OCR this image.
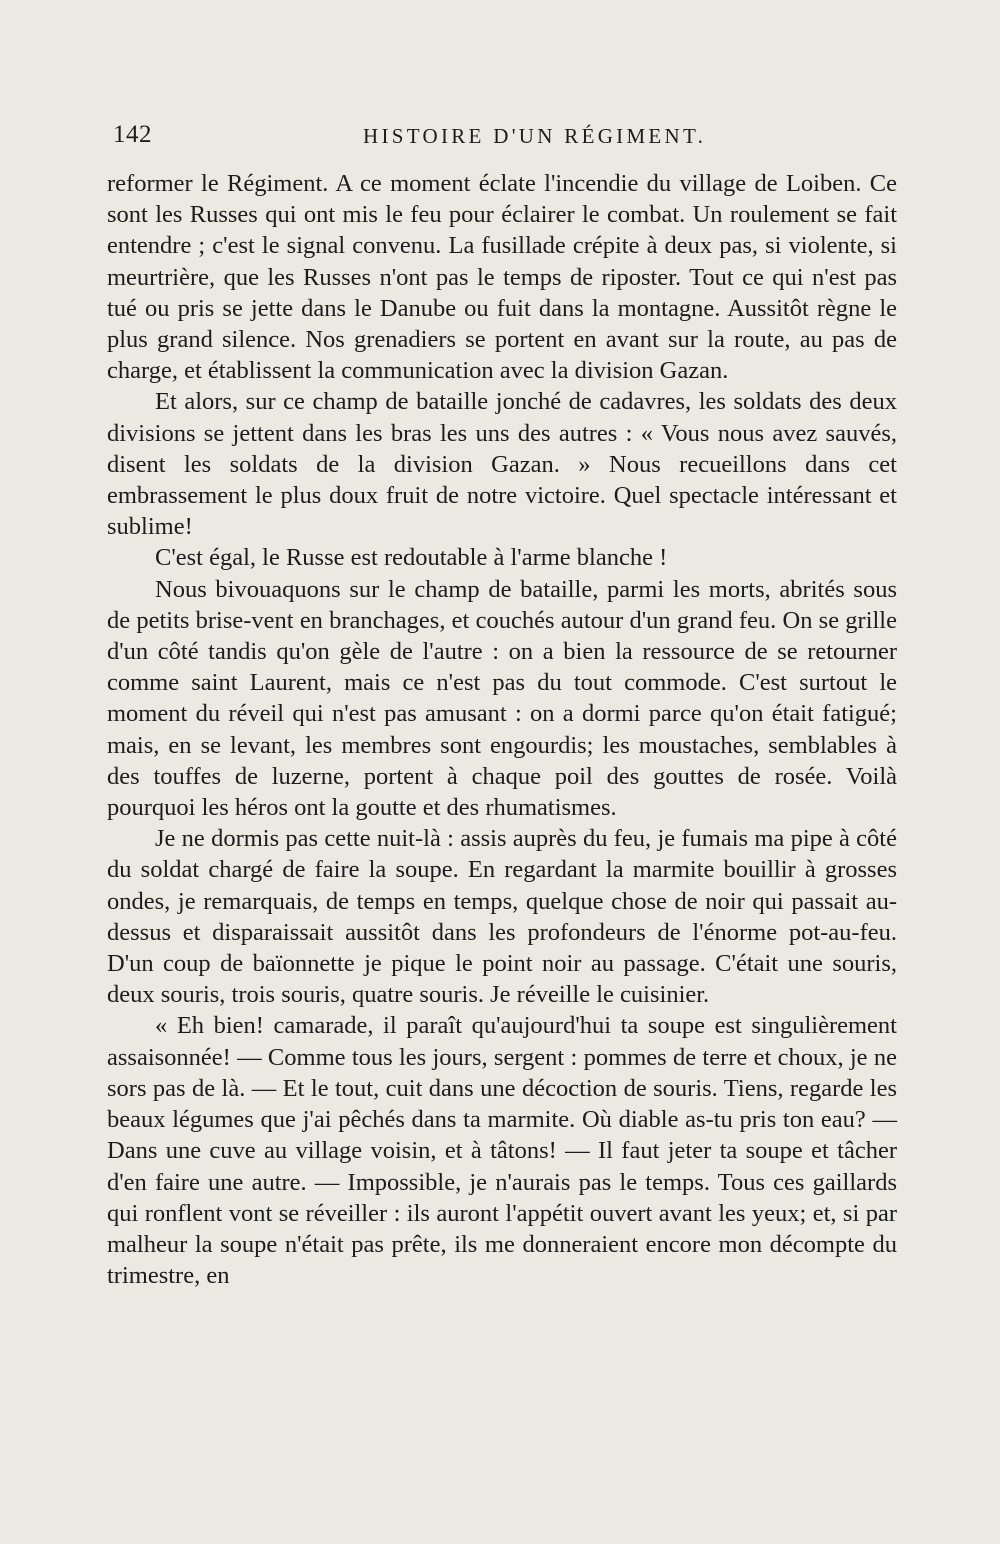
142	HISTOIRE D'UN RÉGIMENT.

reformer le Régiment. A ce moment éclate l'incendie du village de Loiben. Ce sont les Russes qui ont mis le feu pour éclairer le combat. Un roulement se fait entendre ; c'est le signal convenu. La fusillade crépite à deux pas, si violente, si meurtrière, que les Russes n'ont pas le temps de riposter. Tout ce qui n'est pas tué ou pris se jette dans le Danube ou fuit dans la montagne. Aussitôt règne le plus grand silence. Nos grenadiers se portent en avant sur la route, au pas de charge, et établissent la communication avec la division Gazan.

Et alors, sur ce champ de bataille jonché de cadavres, les soldats des deux divisions se jettent dans les bras les uns des autres : « Vous nous avez sauvés, disent les soldats de la division Gazan. » Nous recueillons dans cet embrassement le plus doux fruit de notre victoire. Quel spectacle intéressant et sublime!

C'est égal, le Russe est redoutable à l'arme blanche !

Nous bivouaquons sur le champ de bataille, parmi les morts, abrités sous de petits brise-vent en branchages, et couchés autour d'un grand feu. On se grille d'un côté tandis qu'on gèle de l'autre : on a bien la ressource de se retourner comme saint Laurent, mais ce n'est pas du tout commode. C'est surtout le moment du réveil qui n'est pas amusant : on a dormi parce qu'on était fatigué; mais, en se levant, les membres sont engourdis; les moustaches, semblables à des touffes de luzerne, portent à chaque poil des gouttes de rosée. Voilà pourquoi les héros ont la goutte et des rhumatismes.

Je ne dormis pas cette nuit-là : assis auprès du feu, je fumais ma pipe à côté du soldat chargé de faire la soupe. En regardant la marmite bouillir à grosses ondes, je remarquais, de temps en temps, quelque chose de noir qui passait au-dessus et disparaissait aussitôt dans les profondeurs de l'énorme pot-au-feu. D'un coup de baïonnette je pique le point noir au passage. C'était une souris, deux souris, trois souris, quatre souris. Je réveille le cuisinier.

« Eh bien! camarade, il paraît qu'aujourd'hui ta soupe est singulièrement assaisonnée! — Comme tous les jours, sergent : pommes de terre et choux, je ne sors pas de là. — Et le tout, cuit dans une décoction de souris. Tiens, regarde les beaux légumes que j'ai pêchés dans ta marmite. Où diable as-tu pris ton eau? — Dans une cuve au village voisin, et à tâtons! — Il faut jeter ta soupe et tâcher d'en faire une autre. — Impossible, je n'aurais pas le temps. Tous ces gaillards qui ronflent vont se réveiller : ils auront l'appétit ouvert avant les yeux; et, si par malheur la soupe n'était pas prête, ils me donneraient encore mon décompte du trimestre, en
